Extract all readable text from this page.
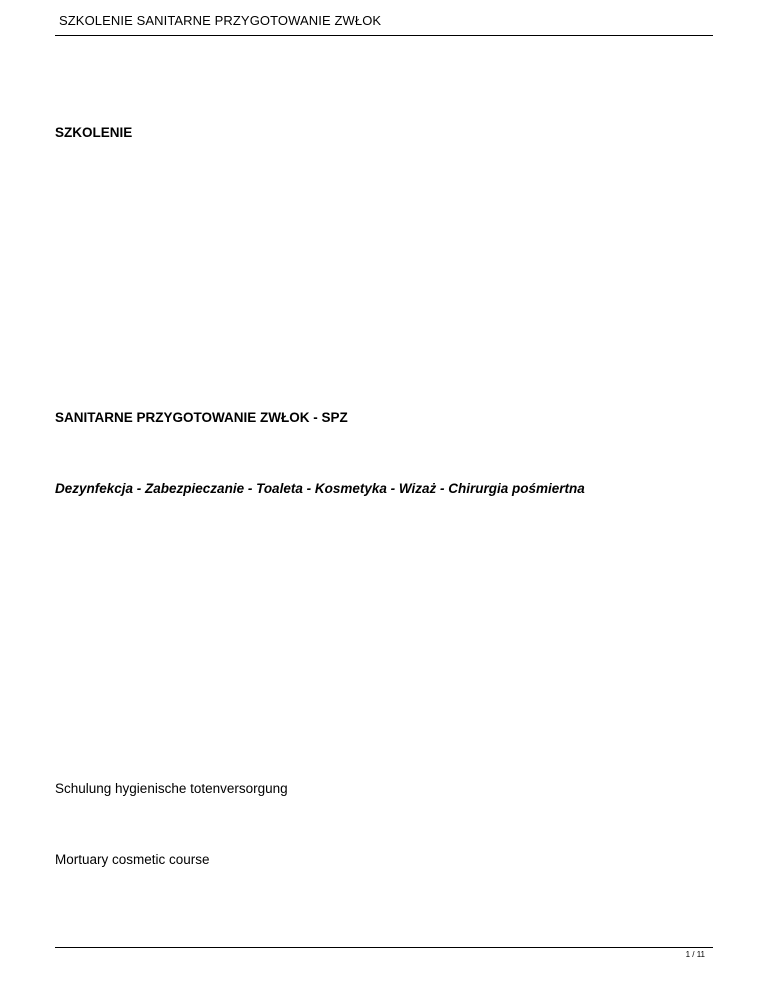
SZKOLENIE SANITARNE PRZYGOTOWANIE ZWŁOK
SZKOLENIE
SANITARNE PRZYGOTOWANIE ZWŁOK - SPZ
Dezynfekcja - Zabezpieczanie - Toaleta - Kosmetyka - Wizaż - Chirurgia pośmiertna
Schulung hygienische totenversorgung
Mortuary cosmetic course
1 / 11
